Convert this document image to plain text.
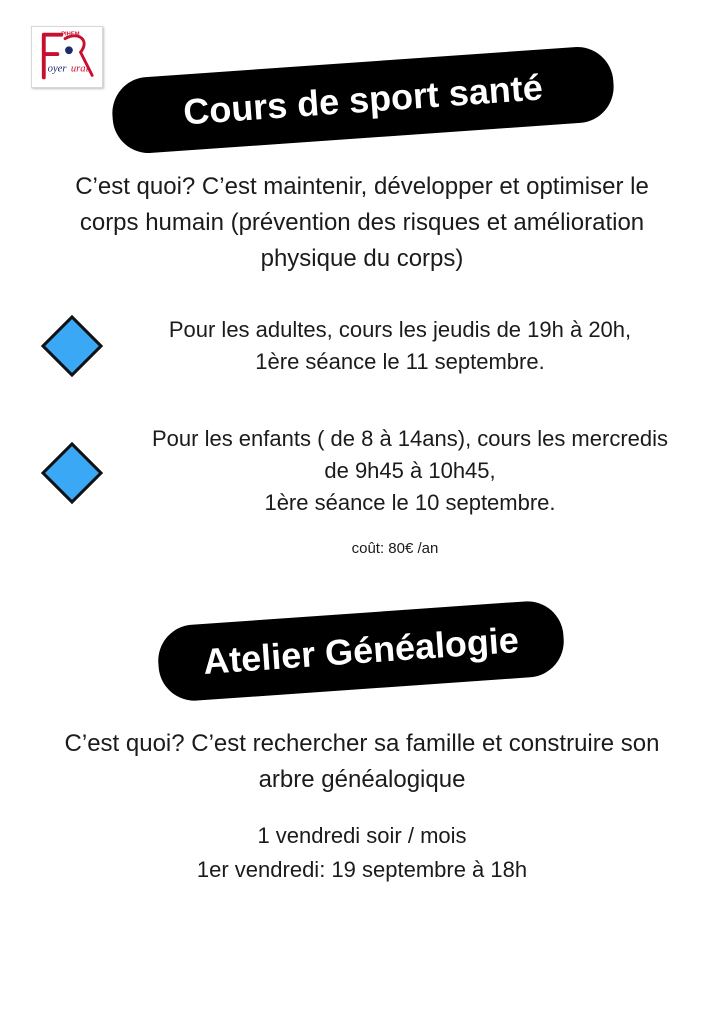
PIHEM
oyer ural	Cours de sport santé
C’est quoi? C’est maintenir, développer et optimiser le
corps humain (prévention des risques et amélioration
physique du corps)
Pour les adultes, cours les jeudis de 19h à 20h,
1ère séance le 11 septembre.
Pour les enfants ( de 8 à 14ans), cours les mercredis
de 9h45 à 10h45,
1ère séance le 10 septembre.
coût: 80€ /an
Atelier Généalogie
C’est quoi? C’est rechercher sa famille et construire son
arbre généalogique
1 vendredi soir / mois
1er vendredi: 19 septembre à 18h
